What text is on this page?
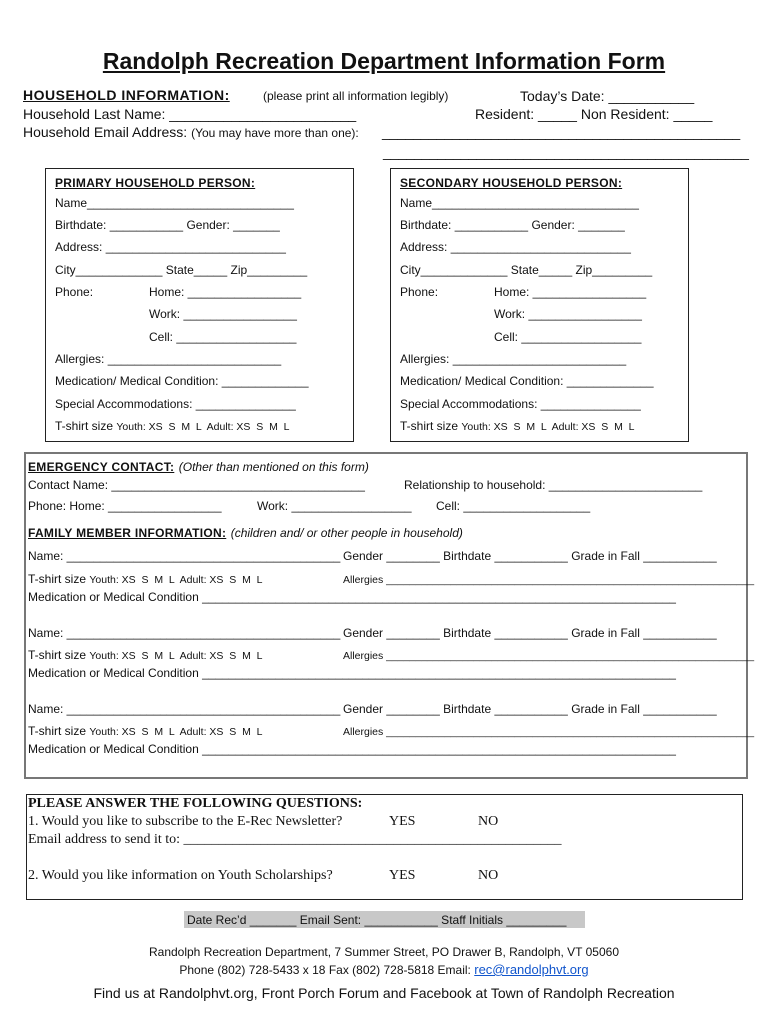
Randolph Recreation Department Information Form
HOUSEHOLD INFORMATION:	(please print all information legibly)	Today’s Date: ___________
Household Last Name: ________________________	Resident: _____ Non Resident: _____
Household Email Address: (You may have more than one): ______________________________________________
_______________________________________________
PRIMARY HOUSEHOLD PERSON:
Name_______________________________
Birthdate: ___________ Gender: _______
Address: ___________________________
City_____________ State_____ Zip_________
Phone:	Home: _________________
Work: _________________
Cell: __________________
Allergies: __________________________
Medication/ Medical Condition: _____________
Special Accommodations: _______________
T-shirt size Youth: XS  S  M  L  Adult: XS  S  M  L
SECONDARY HOUSEHOLD PERSON:
Name_______________________________
Birthdate: ___________ Gender: _______
Address: ___________________________
City_____________ State_____ Zip_________
Phone:	Home: _________________
Work: _________________
Cell: __________________
Allergies: __________________________
Medication/ Medical Condition: _____________
Special Accommodations: _______________
T-shirt size Youth: XS  S  M  L  Adult: XS  S  M  L
EMERGENCY CONTACT: (Other than mentioned on this form)
Contact Name: ______________________________________	Relationship to household: _______________________
Phone: Home: _________________	Work: __________________ Cell: ___________________
FAMILY MEMBER INFORMATION: (children and/ or other people in household)
Name: _________________________________________ Gender ________ Birthdate ___________ Grade in Fall ___________
T-shirt size Youth: XS  S  M  L  Adult: XS  S  M  L	Allergies _______________________________________________________________
Medication or Medical Condition _______________________________________________________________________
Name: _________________________________________ Gender ________ Birthdate ___________ Grade in Fall ___________
T-shirt size Youth: XS  S  M  L  Adult: XS  S  M  L	Allergies _______________________________________________________________
Medication or Medical Condition _______________________________________________________________________
Name: _________________________________________ Gender ________ Birthdate ___________ Grade in Fall ___________
T-shirt size Youth: XS  S  M  L  Adult: XS  S  M  L	Allergies _______________________________________________________________
Medication or Medical Condition _______________________________________________________________________
PLEASE ANSWER THE FOLLOWING QUESTIONS:
1. Would you like to subscribe to the E-Rec Newsletter?	YES	NO
Email address to send it to: ______________________________________________________
2. Would you like information on Youth Scholarships?	YES	NO
Date Rec’d _______ Email Sent: ___________ Staff Initials _________
Randolph Recreation Department, 7 Summer Street, PO Drawer B, Randolph, VT 05060
Phone (802) 728-5433 x 18 Fax (802) 728-5818 Email: rec@randolphvt.org
Find us at Randolphvt.org, Front Porch Forum and Facebook at Town of Randolph Recreation
